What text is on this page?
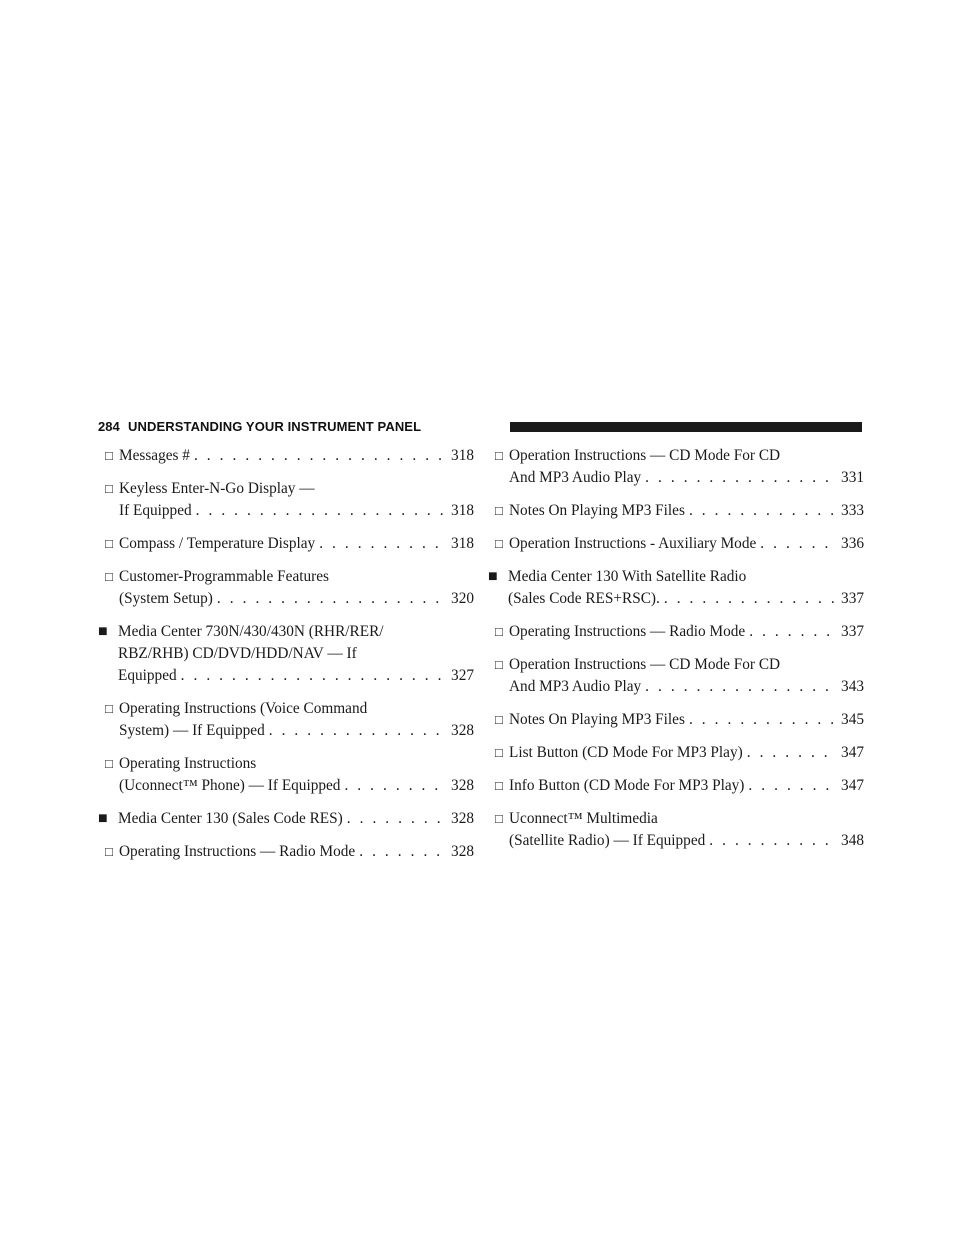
284 UNDERSTANDING YOUR INSTRUMENT PANEL
□ Messages # . . .	318
□ Keyless Enter-N-Go Display —
If Equipped . . .	318
□ Compass / Temperature Display . . .	318
□ Customer-Programmable Features
(System Setup) . . .	320
■ Media Center 730N/430/430N (RHR/RER/
RBZ/RHB) CD/DVD/HDD/NAV — If
Equipped . . .	327
□ Operating Instructions (Voice Command
System) — If Equipped . . .	328
□ Operating Instructions
(Uconnect™ Phone) — If Equipped . . .	328
■ Media Center 130 (Sales Code RES) . . .	328
□ Operating Instructions — Radio Mode . . .	328
□ Operation Instructions — CD Mode For CD
And MP3 Audio Play . . .	331
□ Notes On Playing MP3 Files . . .	333
□ Operation Instructions - Auxiliary Mode . . .	336
■ Media Center 130 With Satellite Radio
(Sales Code RES+RSC). . . .	337
□ Operating Instructions — Radio Mode . . .	337
□ Operation Instructions — CD Mode For CD
And MP3 Audio Play . . .	343
□ Notes On Playing MP3 Files . . .	345
□ List Button (CD Mode For MP3 Play) . . .	347
□ Info Button (CD Mode For MP3 Play) . . .	347
□ Uconnect™ Multimedia
(Satellite Radio) — If Equipped . . .	348
